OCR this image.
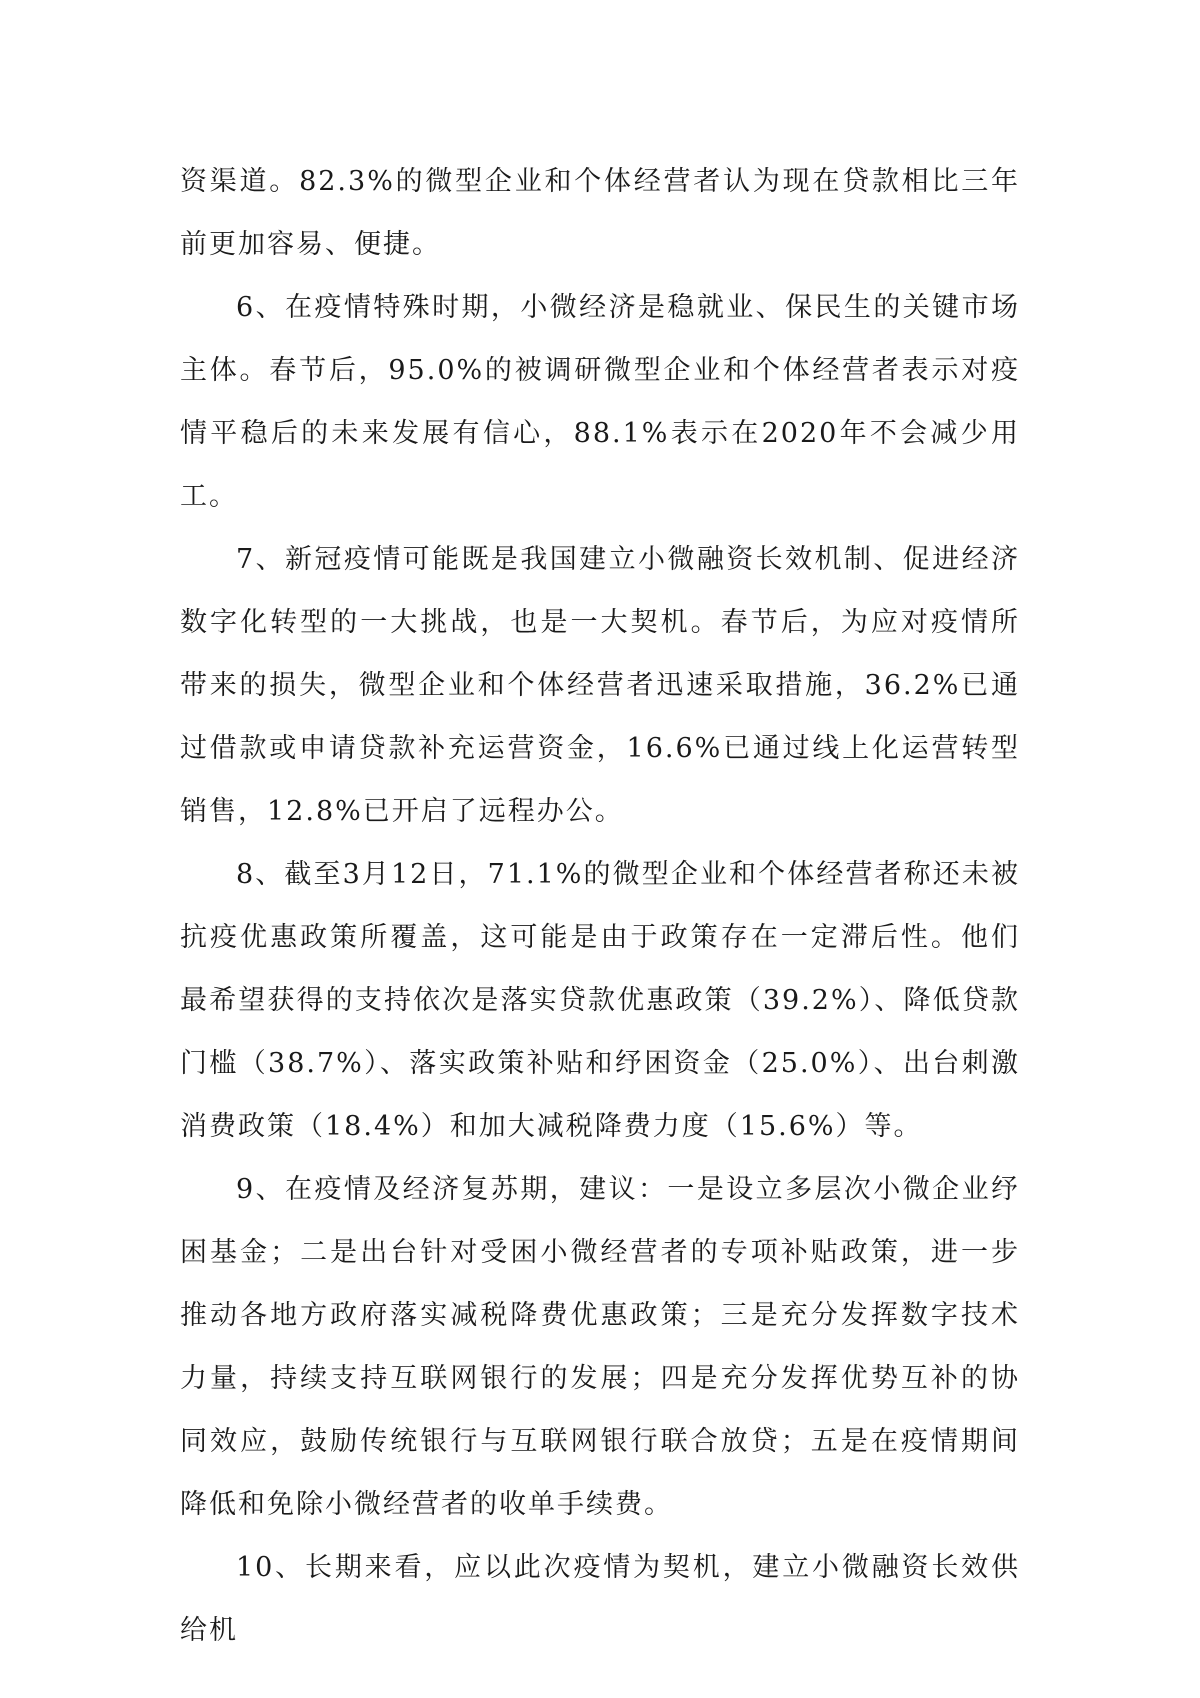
资渠道。82.3%的微型企业和个体经营者认为现在贷款相比三年前更加容易、便捷。

6、在疫情特殊时期，小微经济是稳就业、保民生的关键市场主体。春节后，95.0%的被调研微型企业和个体经营者表示对疫情平稳后的未来发展有信心，88.1%表示在2020年不会减少用工。

7、新冠疫情可能既是我国建立小微融资长效机制、促进经济数字化转型的一大挑战，也是一大契机。春节后，为应对疫情所带来的损失，微型企业和个体经营者迅速采取措施，36.2%已通过借款或申请贷款补充运营资金，16.6%已通过线上化运营转型销售，12.8%已开启了远程办公。

8、截至3月12日，71.1%的微型企业和个体经营者称还未被抗疫优惠政策所覆盖，这可能是由于政策存在一定滞后性。他们最希望获得的支持依次是落实贷款优惠政策（39.2%）、降低贷款门槛（38.7%）、落实政策补贴和纾困资金（25.0%）、出台刺激消费政策（18.4%）和加大减税降费力度（15.6%）等。

9、在疫情及经济复苏期，建议：一是设立多层次小微企业纾困基金；二是出台针对受困小微经营者的专项补贴政策，进一步推动各地方政府落实减税降费优惠政策；三是充分发挥数字技术力量，持续支持互联网银行的发展；四是充分发挥优势互补的协同效应，鼓励传统银行与互联网银行联合放贷；五是在疫情期间降低和免除小微经营者的收单手续费。

10、长期来看，应以此次疫情为契机，建立小微融资长效供给机
